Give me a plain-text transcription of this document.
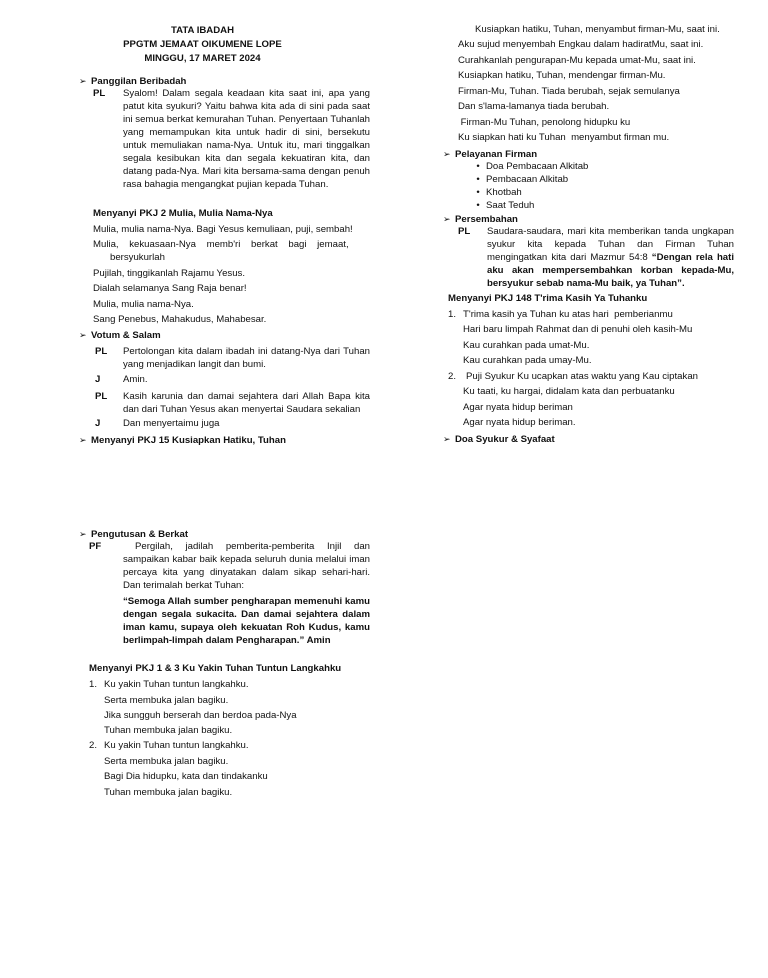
TATA IBADAH
PPGTM JEMAAT OIKUMENE LOPE
MINGGU, 17 MARET 2024
➢ Panggilan Beribadah
PL Syalom! Dalam segala keadaan kita saat ini, apa yang patut kita syukuri? Yaitu bahwa kita ada di sini pada saat ini semua berkat kemurahan Tuhan. Penyertaan Tuhanlah yang memampukan kita untuk hadir di sini, bersekutu untuk memuliakan nama-Nya. Untuk itu, mari tinggalkan segala kesibukan kita dan segala kekuatiran kita, dan datang pada-Nya. Mari kita bersama-sama dengan penuh rasa bahagia mengangkat pujian kepada Tuhan.
Menyanyi PKJ 2 Mulia, Mulia Nama-Nya
Mulia, mulia nama-Nya. Bagi Yesus kemuliaan, puji, sembah!
Mulia,    kekuasaan-Nya    memb'ri    berkat    bagi    jemaat,
bersyukurlah
Pujilah, tinggikanlah Rajamu Yesus.
Dialah selamanya Sang Raja benar!
Mulia, mulia nama-Nya.
Sang Penebus, Mahakudus, Mahabesar.
➢ Votum & Salam
PL Pertolongan kita dalam ibadah ini datang-Nya dari Tuhan yang menjadikan langit dan bumi.
J Amin.
PL Kasih karunia dan damai sejahtera dari Allah Bapa kita dan dari Tuhan Yesus akan menyertai Saudara sekalian
J Dan menyertaimu juga
➢ Menyanyi PKJ 15 Kusiapkan Hatiku, Tuhan
➢ Pengutusan & Berkat
PF	Pergilah, jadilah pemberita-pemberita Injil dan sampaikan kabar baik kepada seluruh dunia melalui iman percaya kita yang dinyatakan dalam sikap sehari-hari. Dan terimalah berkat Tuhan:
“Semoga Allah sumber pengharapan memenuhi kamu dengan segala sukacita. Dan damai sejahtera dalam iman kamu, supaya oleh kekuatan Roh Kudus, kamu berlimpah-limpah dalam Pengharapan.” Amin
Menyanyi PKJ 1 & 3 Ku Yakin Tuhan Tuntun Langkahku
1. Ku yakin Tuhan tuntun langkahku.
Serta membuka jalan bagiku.
Jika sungguh berserah dan berdoa pada-Nya
Tuhan membuka jalan bagiku.
2. Ku yakin Tuhan tuntun langkahku.
Serta membuka jalan bagiku.
Bagi Dia hidupku, kata dan tindakanku
Tuhan membuka jalan bagiku.
Kusiapkan hatiku, Tuhan, menyambut firman-Mu, saat ini.
Aku sujud menyembah Engkau dalam hadiratMu, saat ini.
Curahkanlah pengurapan-Mu kepada umat-Mu, saat ini.
Kusiapkan hatiku, Tuhan, mendengar firman-Mu.
Firman-Mu, Tuhan. Tiada berubah, sejak semulanya
Dan s'lama-lamanya tiada berubah.
Firman-Mu Tuhan, penolong hidupku ku
Ku siapkan hati ku Tuhan  menyambut firman mu.
➢ Pelayanan Firman
• Doa Pembacaan Alkitab
• Pembacaan Alkitab
• Khotbah
• Saat Teduh
➢ Persembahan
PL Saudara-saudara, mari kita memberikan tanda ungkapan syukur kita kepada Tuhan dan Firman Tuhan mengingatkan kita dari Mazmur 54:8 “Dengan rela hati aku akan mempersembahkan korban kepada-Mu, bersyukur sebab nama-Mu baik, ya Tuhan”.
Menyanyi PKJ 148 T'rima Kasih Ya Tuhanku
1. T'rima kasih ya Tuhan ku atas hari  pemberianmu
Hari baru limpah Rahmat dan di penuhi oleh kasih-Mu
Kau curahkan pada umat-Mu.
Kau curahkan pada umay-Mu.
2. Puji Syukur Ku ucapkan atas waktu yang Kau ciptakan
Ku taati, ku hargai, didalam kata dan perbuatanku
Agar nyata hidup beriman
Agar nyata hidup beriman.
➢ Doa Syukur & Syafaat
